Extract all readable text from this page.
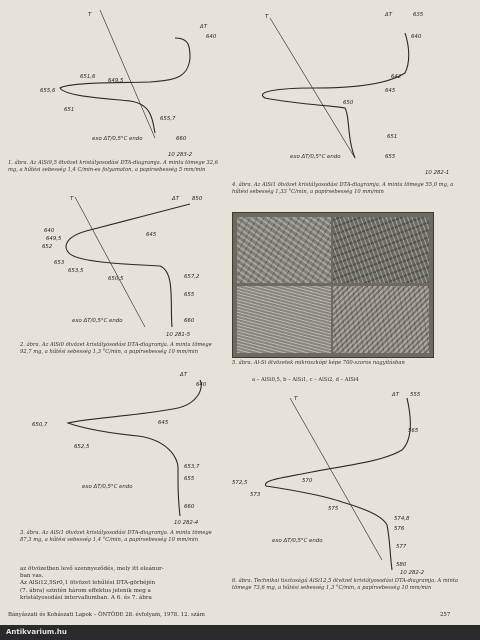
T
ΔT
640
651,6
649,5
655,6
651
655,7
660
exo ΔT/0,5°C endo
10 283-2
1. ábra. Az AlSi9,5 ötvözet kristályosodási DTA-diagramja. A minta tömege 32,6 mg, a hűtési sebesség 1,4 C/min-es folyamaton, a papírsebesség 5 mm/min
T	ΔT	635
640
642
645
650
651
655
exo ΔT/0,5°C endo
10 282-1
4. ábra. Az AlSi1 ötvözet kristályosodási DTA-diagramja. A minta tömege 55,0 mg, a hűtési sebesség 1,33 °C/min, a papírsebesség 10 mm/min
T	ΔT 850
640
649,5
652
653
653,5
650,5
645
657,2
655
660
exo ΔT/0,5°C endo
10 281-5
2. ábra. Az AlSi0 ötvözet kristályosodási DTA-diagramja. A minta tömege 92,7 mg, a hűtési sebesség 1,3 °C/min, a papírsebesség 10 mm/min
5. ábra. Al-Si ötvözetek mikroszkópi képe 700-szoros nagyításban
a – AlSi0,5, b – AlSi1, c – AlSi2, d – AlSi4
ΔT
640
650,7	645
652,5
653,7
655
660
exo ΔT/0,5°C endo
10 282-4
3. ábra. Az AlSi1 ötvözet kristályosodási DTA-diagramja. A minta tömege 87,3 mg, a hűtési sebesség 1,4 °C/min, a papírsebesség 10 mm/min
T
ΔT 555
565
570
572,5
573
575
574,8
576
577
580
exo ΔT/0,5°C endo
10 282-2
6. ábra. Technikai tisztaságú AlSi12,5 ötvözet kristályosodási DTA-diagramja. A minta tömege 73,6 mg, a hűtési sebesség 1,3 °C/min, a papírsebesség 10 mm/min
az ötvözetben levő szennyeződés, mely itt eleánur-
ban vas.
Az AlSi12,5Sr0,1 ötvözet lehűlési DTA-görbéjén
(7. ábra) szintén három effektus jelenik meg a
kristályosodási intervallumban. A 6. és 7. ábra
Bányászati és Kohászati Lapok – ÖNTÖDE 28. évfolyam, 1978. 12. szám	257
Antikvarium.hu
